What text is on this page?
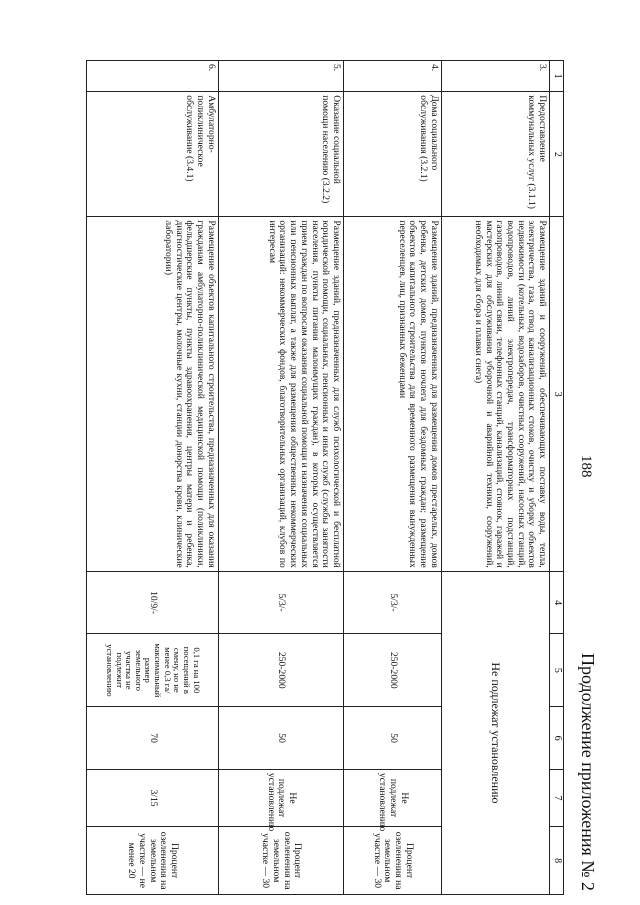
188
Продолжение приложения № 2
1	2	3	4	5	6	7	8
3.	Предоставление коммунальных услуг (3.1.1)	Размещение зданий и сооружений, обеспечивающих поставку воды, тепла, электричества, газа, отвод канализационных стоков, очистку и уборку объектов недвижимости (котельных, водозаборов, очистных сооружений, насосных станций, водопроводов, линий электропередач, трансформаторных подстанций, газопроводов, линий связи, телефонных станций, канализаций, стоянок, гаражей и мастерских для обслуживания уборочной и аварийной техники, сооружений, необходимых для сбора и плавки снега)	Не подлежат установлению				
4.	Дома социального обслуживания (3.2.1)	Размещение зданий, предназначенных для размещения домов престарелых, домов ребенка, детских домов, пунктов ночлега для бездомных граждан; размещение объектов капитального строительства для временного размещения вынужденных переселенцев, лиц, признанных беженцами	5/3/-	250-2000	50	Не подлежат установлению	Процент озеленения на земельном участке — 30
5.	Оказание социальной помощи населению (3.2.2)	Размещение зданий, предназначенных для служб психологической и бесплатной юридической помощи, социальных, пенсионных и иных служб (службы занятости населения, пункты питания малоимущих граждан), в которых осуществляется прием граждан по вопросам оказания социальной помощи и назначения социальных или пенсионных выплат, а также для размещения общественных некоммерческих организаций: некоммерческих фондов, благотворительных организаций, клубов по интересам	5/3/-	250-2000	50	Не подлежат установлению	Процент озеленения на земельном участке — 30
6.	Амбулаторно-поликлиническое обслуживание (3.4.1)	Размещение объектов капитального строительства, предназначенных для оказания гражданам амбулаторно-поликлинической медицинской помощи (поликлиники, фельдшерские пункты, пункты здравоохранения, центры матери и ребенка, диагностические центры, молочные кухни, станции донорства крови, клинические лаборатории)	10/9/-	0,1 га на 100 посещений в смену, но не менее 0,3 га/ максимальный размер земельного участка не подлежит установлению	70	3/15	Процент озеленения на земельном участке — не менее 20
